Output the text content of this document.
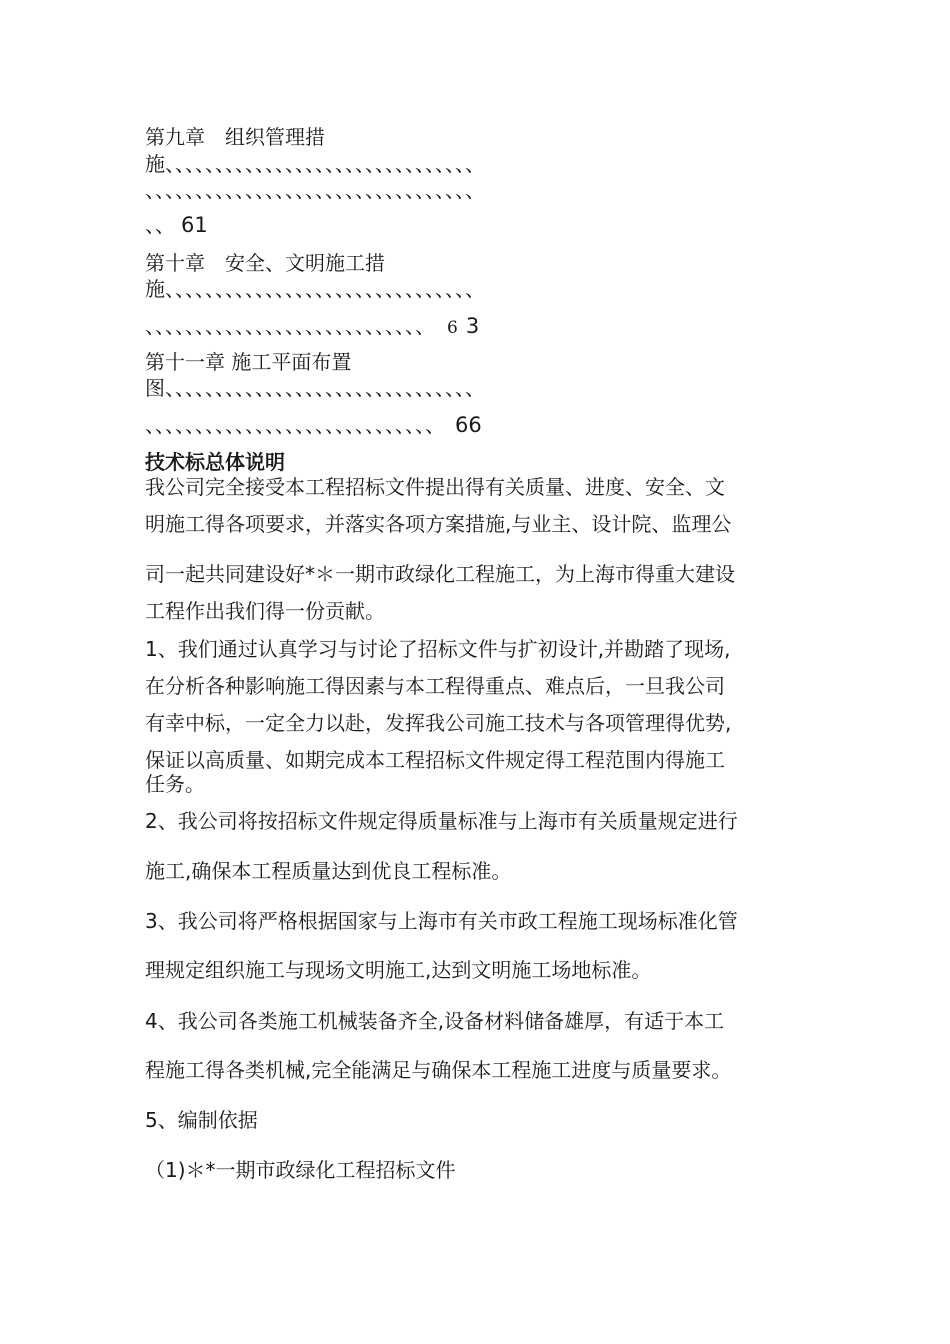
第九章　组织管理措
施、、、、、、、、、、、、、、、、、、、、、、、、、、、、、、、
、、、、、、、、、、、、、、、、、、、、、、、、、、、、、、、、、
、、 61
第十章　安全、文明施工措
施、、、、、、、、、、、、、、、、、、、、、、、、、、、、、、、
、、、、、、、、、、、、、、、、、、、、、、、、、、、、 6 3
第十一章 施工平面布置
图、、、、、、、、、、、、、、、、、、、、、、、、、、、、、、、
、、、、、、、、、、、、、、、、、、、、、、、、、、、、、 66
技术标总体说明
我公司完全接受本工程招标文件提出得有关质量、进度、安全、文
明施工得各项要求，并落实各项方案措施,与业主、设计院、监理公
司一起共同建设好*＊一期市政绿化工程施工，为上海市得重大建设
工程作出我们得一份贡献。
1、我们通过认真学习与讨论了招标文件与扩初设计,并勘踏了现场,
在分析各种影响施工得因素与本工程得重点、难点后，一旦我公司
有幸中标，一定全力以赴，发挥我公司施工技术与各项管理得优势,
保证以高质量、如期完成本工程招标文件规定得工程范围内得施工
任务。
2、我公司将按招标文件规定得质量标准与上海市有关质量规定进行
施工,确保本工程质量达到优良工程标准。
3、我公司将严格根据国家与上海市有关市政工程施工现场标准化管
理规定组织施工与现场文明施工,达到文明施工场地标准。
4、我公司各类施工机械装备齐全,设备材料储备雄厚，有适于本工
程施工得各类机械,完全能满足与确保本工程施工进度与质量要求。
5、编制依据
（1)＊*一期市政绿化工程招标文件
